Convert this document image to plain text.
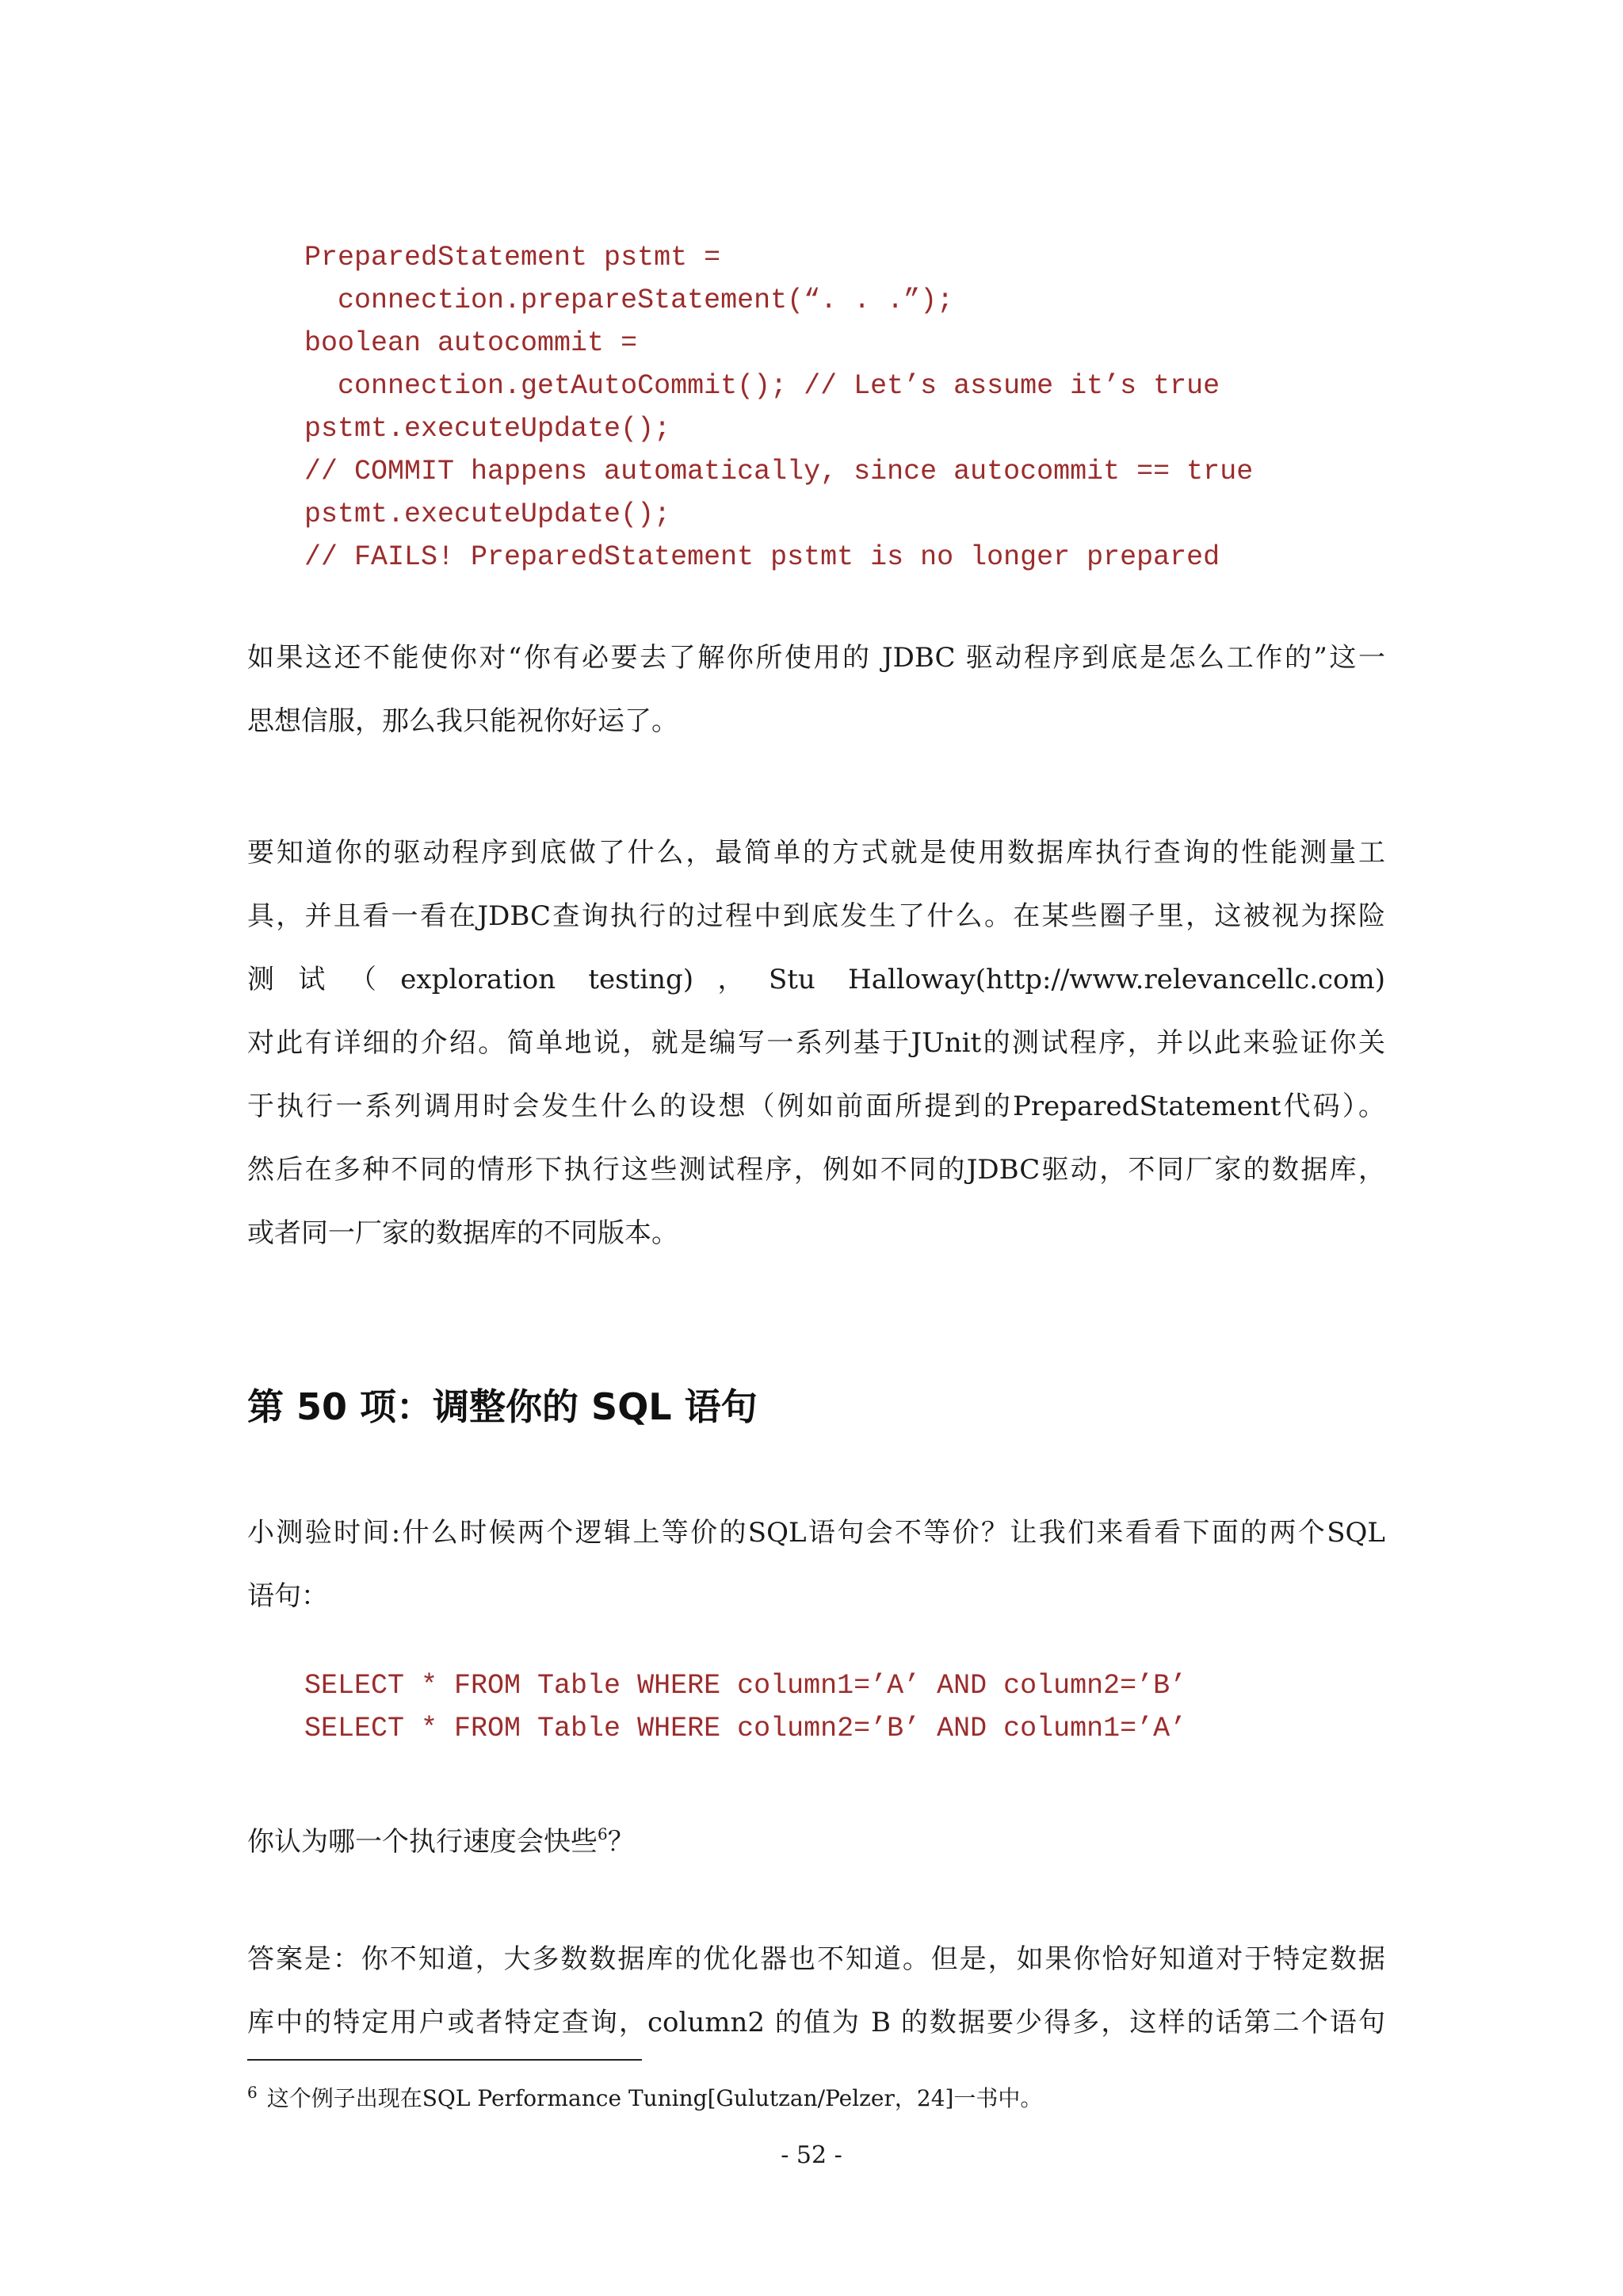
PreparedStatement pstmt =
connection.prepareStatement(“. . .”);
boolean autocommit =
connection.getAutoCommit(); // Let’s assume it’s true
pstmt.executeUpdate();
// COMMIT happens automatically, since autocommit == true
pstmt.executeUpdate();
// FAILS! PreparedStatement pstmt is no longer prepared
如果这还不能使你对“你有必要去了解你所使用的 JDBC 驱动程序到底是怎么工作的”这一
思想信服，那么我只能祝你好运了。
要知道你的驱动程序到底做了什么，最简单的方式就是使用数据库执行查询的性能测量工
具，并且看一看在JDBC查询执行的过程中到底发生了什么。在某些圈子里，这被视为探险
测试（exploration testing)，Stu Halloway(http://www.relevancellc.com)
对此有详细的介绍。简单地说，就是编写一系列基于JUnit的测试程序，并以此来验证你关
于执行一系列调用时会发生什么的设想（例如前面所提到的PreparedStatement代码）。
然后在多种不同的情形下执行这些测试程序，例如不同的JDBC驱动，不同厂家的数据库，
或者同一厂家的数据库的不同版本。
第 50 项：调整你的 SQL 语句
小测验时间:什么时候两个逻辑上等价的SQL语句会不等价？让我们来看看下面的两个SQL
语句：
SELECT * FROM Table WHERE column1=’A’ AND column2=’B’
SELECT * FROM Table WHERE column2=’B’ AND column1=’A’
你认为哪一个执行速度会快些$^6$？
答案是：你不知道，大多数数据库的优化器也不知道。但是，如果你恰好知道对于特定数据
库中的特定用户或者特定查询，column2 的值为 B 的数据要少得多，这样的话第二个语句
$^6$ 这个例子出现在SQL Performance Tuning[Gulutzan/Pelzer，24]一书中。
- 52 -
